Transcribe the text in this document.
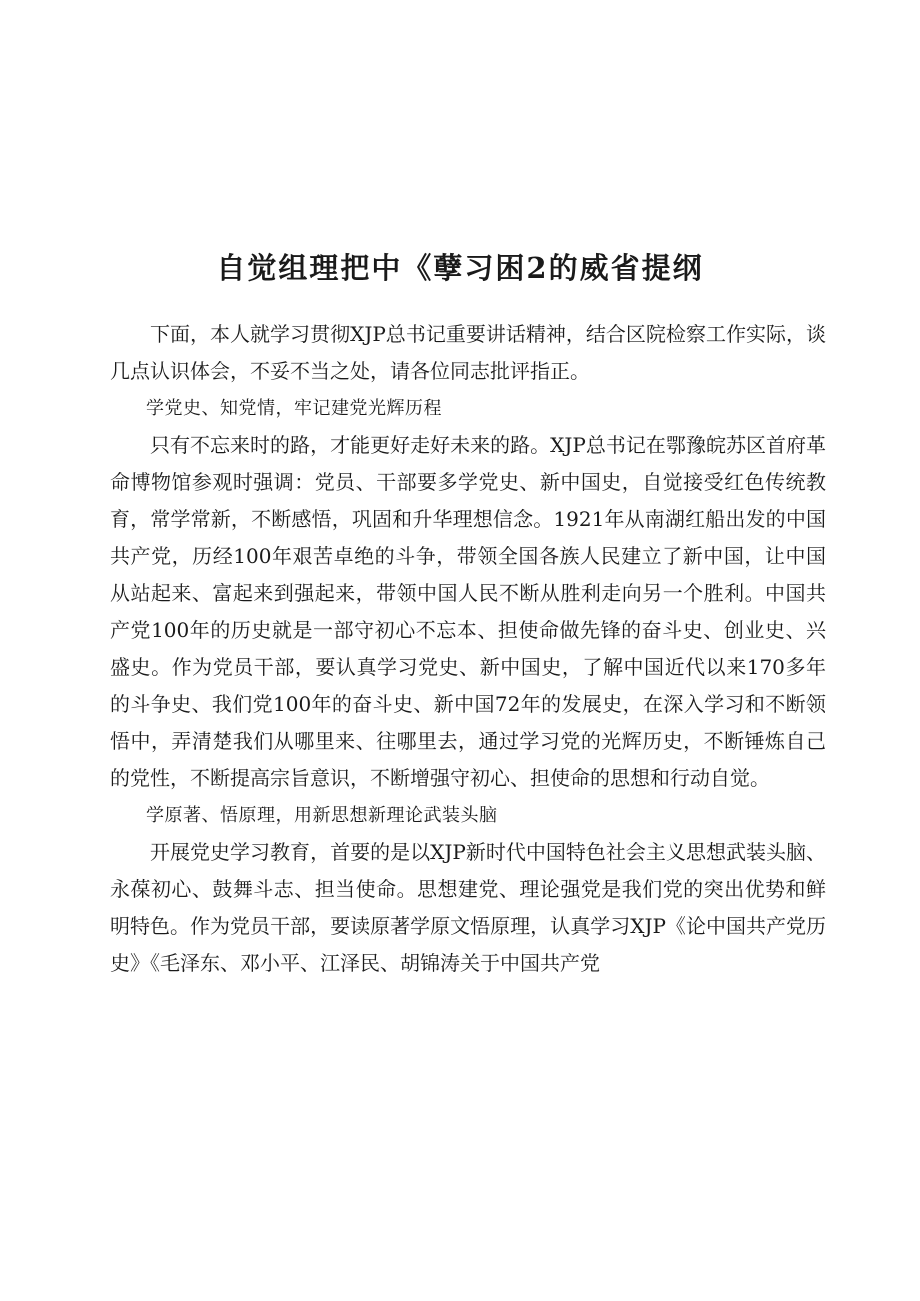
自觉组理把中《孽习困2的威省提纲

下面，本人就学习贯彻XJP总书记重要讲话精神，结合区院检察工作实际，谈几点认识体会，不妥不当之处，请各位同志批评指正。

学党史、知党情，牢记建党光辉历程

只有不忘来时的路，才能更好走好未来的路。XJP总书记在鄂豫皖苏区首府革命博物馆参观时强调：党员、干部要多学党史、新中国史，自觉接受红色传统教育，常学常新，不断感悟，巩固和升华理想信念。1921年从南湖红船出发的中国共产党，历经100年艰苦卓绝的斗争，带领全国各族人民建立了新中国，让中国从站起来、富起来到强起来，带领中国人民不断从胜利走向另一个胜利。中国共产党100年的历史就是一部守初心不忘本、担使命做先锋的奋斗史、创业史、兴盛史。作为党员干部，要认真学习党史、新中国史，了解中国近代以来170多年的斗争史、我们党100年的奋斗史、新中国72年的发展史，在深入学习和不断领悟中，弄清楚我们从哪里来、往哪里去，通过学习党的光辉历史，不断锤炼自己的党性，不断提高宗旨意识，不断增强守初心、担使命的思想和行动自觉。

学原著、悟原理，用新思想新理论武装头脑

开展党史学习教育，首要的是以XJP新时代中国特色社会主义思想武装头脑、永葆初心、鼓舞斗志、担当使命。思想建党、理论强党是我们党的突出优势和鲜明特色。作为党员干部，要读原著学原文悟原理，认真学习XJP《论中国共产党历史》《毛泽东、邓小平、江泽民、胡锦涛关于中国共产党
